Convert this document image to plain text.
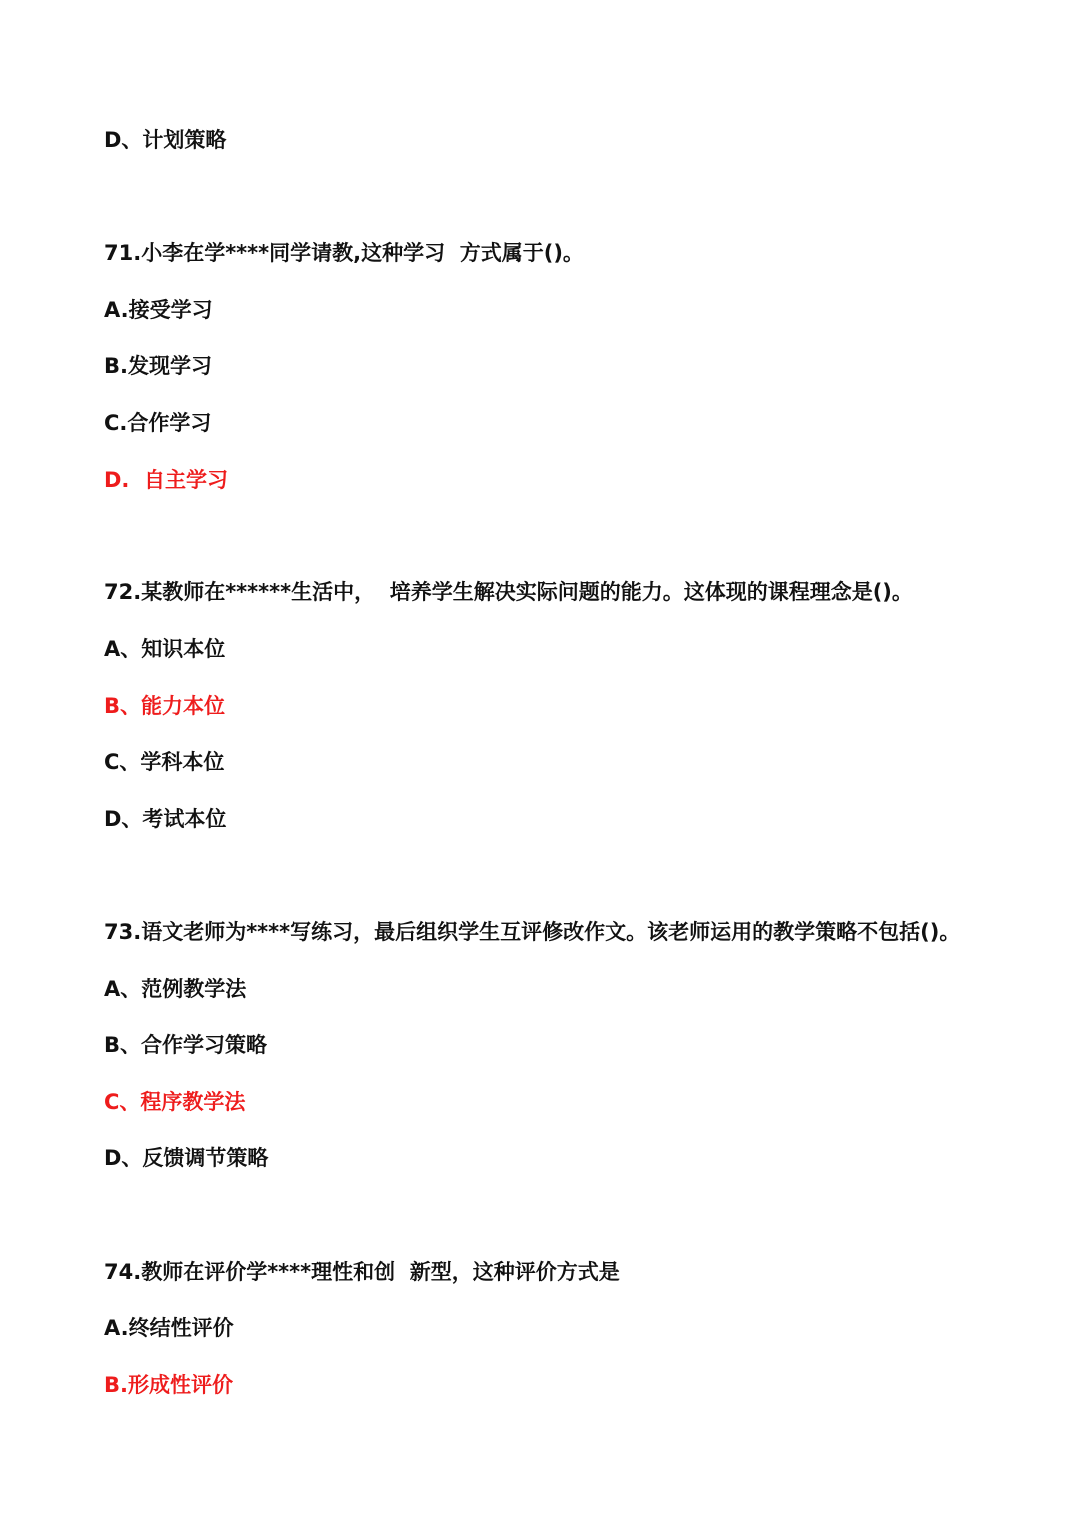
D、计划策略
71.小李在学****同学请教,这种学习  方式属于()。
A.接受学习
B.发现学习
C.合作学习
D.  自主学习
72.某教师在******生活中，  培养学生解决实际问题的能力。这体现的课程理念是()。
A、知识本位
B、能力本位
C、学科本位
D、考试本位
73.语文老师为****写练习，最后组织学生互评修改作文。该老师运用的教学策略不包括()。
A、范例教学法
B、合作学习策略
C、程序教学法
D、反馈调节策略
74.教师在评价学****理性和创  新型，这种评价方式是
A.终结性评价
B.形成性评价
